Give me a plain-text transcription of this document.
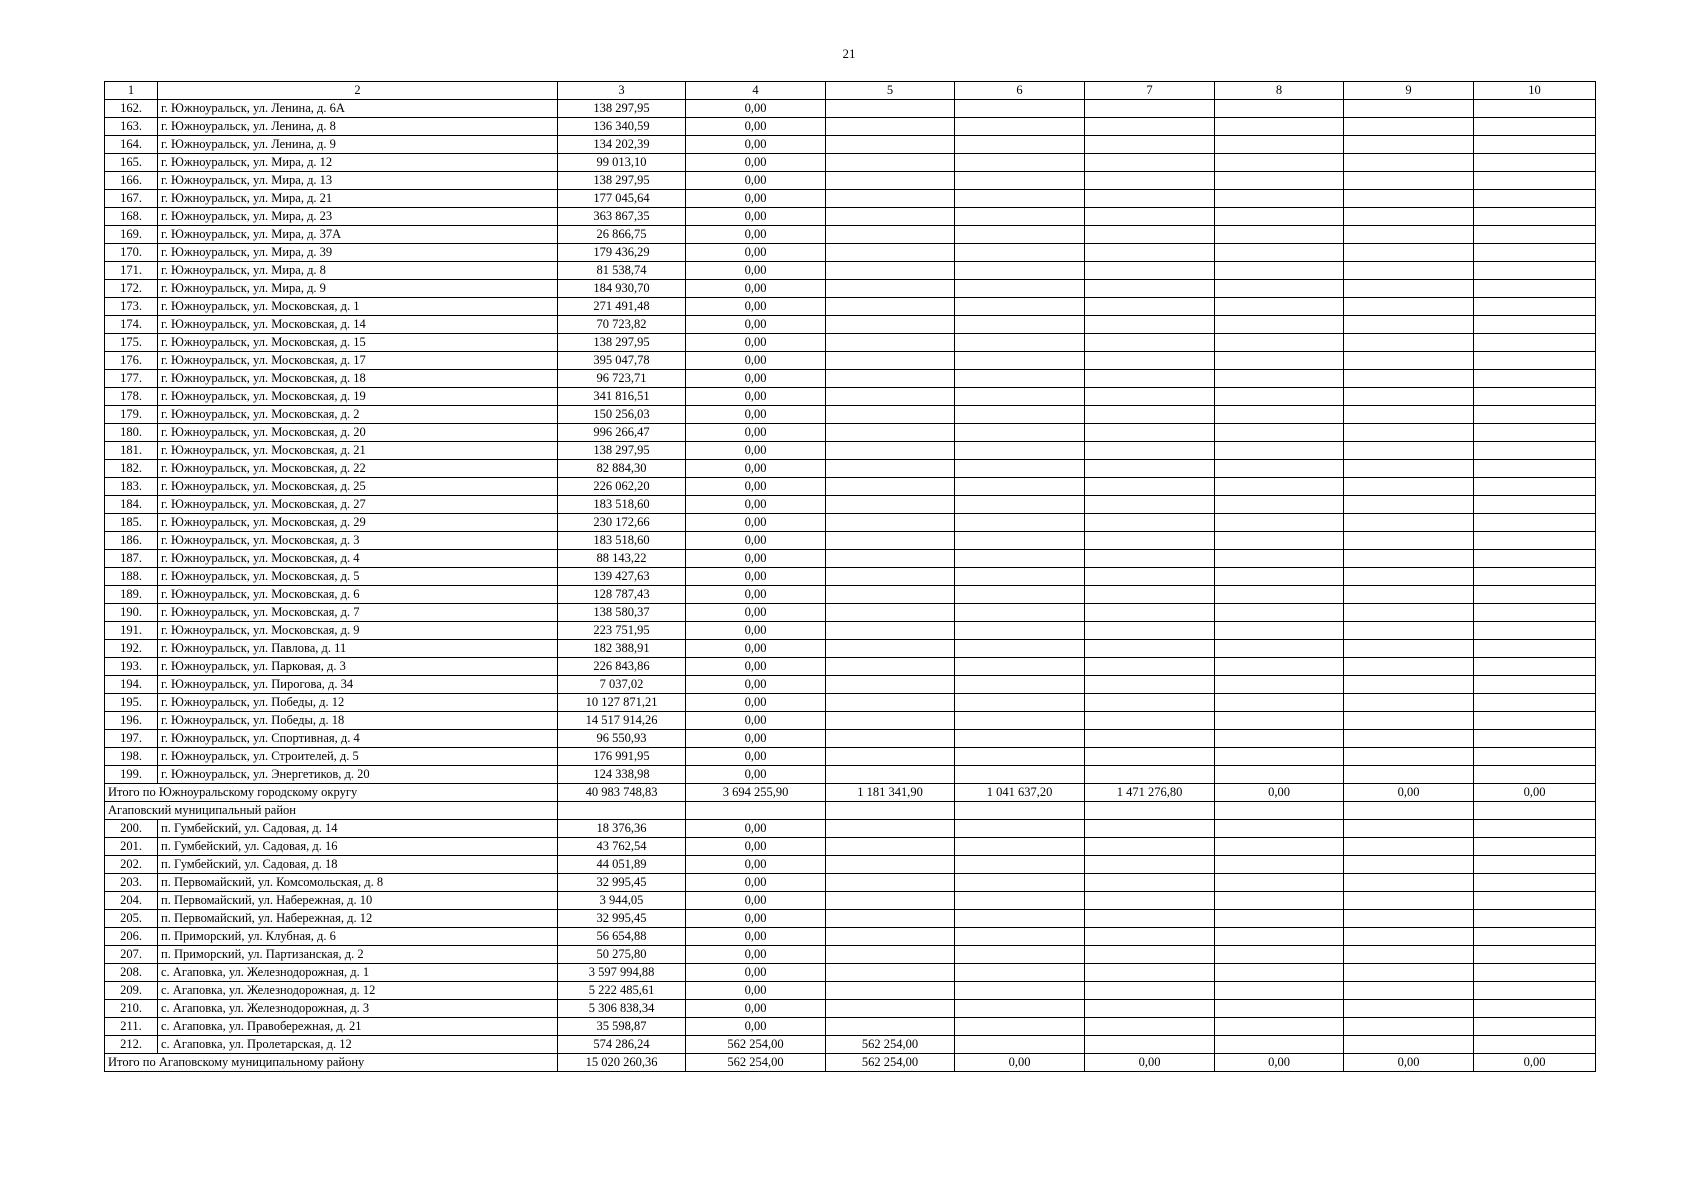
21
1	2	3	4	5	6	7	8	9	10
162.	г. Южноуральск, ул. Ленина, д. 6А	138 297,95	0,00						
163.	г. Южноуральск, ул. Ленина, д. 8	136 340,59	0,00						
164.	г. Южноуральск, ул. Ленина, д. 9	134 202,39	0,00						
165.	г. Южноуральск, ул. Мира, д. 12	99 013,10	0,00						
166.	г. Южноуральск, ул. Мира, д. 13	138 297,95	0,00						
167.	г. Южноуральск, ул. Мира, д. 21	177 045,64	0,00						
168.	г. Южноуральск, ул. Мира, д. 23	363 867,35	0,00						
169.	г. Южноуральск, ул. Мира, д. 37А	26 866,75	0,00						
170.	г. Южноуральск, ул. Мира, д. 39	179 436,29	0,00						
171.	г. Южноуральск, ул. Мира, д. 8	81 538,74	0,00						
172.	г. Южноуральск, ул. Мира, д. 9	184 930,70	0,00						
173.	г. Южноуральск, ул. Московская, д. 1	271 491,48	0,00						
174.	г. Южноуральск, ул. Московская, д. 14	70 723,82	0,00						
175.	г. Южноуральск, ул. Московская, д. 15	138 297,95	0,00						
176.	г. Южноуральск, ул. Московская, д. 17	395 047,78	0,00						
177.	г. Южноуральск, ул. Московская, д. 18	96 723,71	0,00						
178.	г. Южноуральск, ул. Московская, д. 19	341 816,51	0,00						
179.	г. Южноуральск, ул. Московская, д. 2	150 256,03	0,00						
180.	г. Южноуральск, ул. Московская, д. 20	996 266,47	0,00						
181.	г. Южноуральск, ул. Московская, д. 21	138 297,95	0,00						
182.	г. Южноуральск, ул. Московская, д. 22	82 884,30	0,00						
183.	г. Южноуральск, ул. Московская, д. 25	226 062,20	0,00						
184.	г. Южноуральск, ул. Московская, д. 27	183 518,60	0,00						
185.	г. Южноуральск, ул. Московская, д. 29	230 172,66	0,00						
186.	г. Южноуральск, ул. Московская, д. 3	183 518,60	0,00						
187.	г. Южноуральск, ул. Московская, д. 4	88 143,22	0,00						
188.	г. Южноуральск, ул. Московская, д. 5	139 427,63	0,00						
189.	г. Южноуральск, ул. Московская, д. 6	128 787,43	0,00						
190.	г. Южноуральск, ул. Московская, д. 7	138 580,37	0,00						
191.	г. Южноуральск, ул. Московская, д. 9	223 751,95	0,00						
192.	г. Южноуральск, ул. Павлова, д. 11	182 388,91	0,00						
193.	г. Южноуральск, ул. Парковая, д. 3	226 843,86	0,00						
194.	г. Южноуральск, ул. Пирогова, д. 34	7 037,02	0,00						
195.	г. Южноуральск, ул. Победы, д. 12	10 127 871,21	0,00						
196.	г. Южноуральск, ул. Победы, д. 18	14 517 914,26	0,00						
197.	г. Южноуральск, ул. Спортивная, д. 4	96 550,93	0,00						
198.	г. Южноуральск, ул. Строителей, д. 5	176 991,95	0,00						
199.	г. Южноуральск, ул. Энергетиков, д. 20	124 338,98	0,00						
Итого по Южноуральскому городскому округу		40 983 748,83	3 694 255,90	1 181 341,90	1 041 637,20	1 471 276,80	0,00	0,00	0,00
Агаповский муниципальный район									
200.	п. Гумбейский, ул. Садовая, д. 14	18 376,36	0,00						
201.	п. Гумбейский, ул. Садовая, д. 16	43 762,54	0,00						
202.	п. Гумбейский, ул. Садовая, д. 18	44 051,89	0,00						
203.	п. Первомайский, ул. Комсомольская, д. 8	32 995,45	0,00						
204.	п. Первомайский, ул. Набережная, д. 10	3 944,05	0,00						
205.	п. Первомайский, ул. Набережная, д. 12	32 995,45	0,00						
206.	п. Приморский, ул. Клубная, д. 6	56 654,88	0,00						
207.	п. Приморский, ул. Партизанская, д. 2	50 275,80	0,00						
208.	с. Агаповка, ул. Железнодорожная, д. 1	3 597 994,88	0,00						
209.	с. Агаповка, ул. Железнодорожная, д. 12	5 222 485,61	0,00						
210.	с. Агаповка, ул. Железнодорожная, д. 3	5 306 838,34	0,00						
211.	с. Агаповка, ул. Правобережная, д. 21	35 598,87	0,00						
212.	с. Агаповка, ул. Пролетарская, д. 12	574 286,24	562 254,00	562 254,00					
Итого по Агаповскому муниципальному району		15 020 260,36	562 254,00	562 254,00	0,00	0,00	0,00	0,00	0,00
